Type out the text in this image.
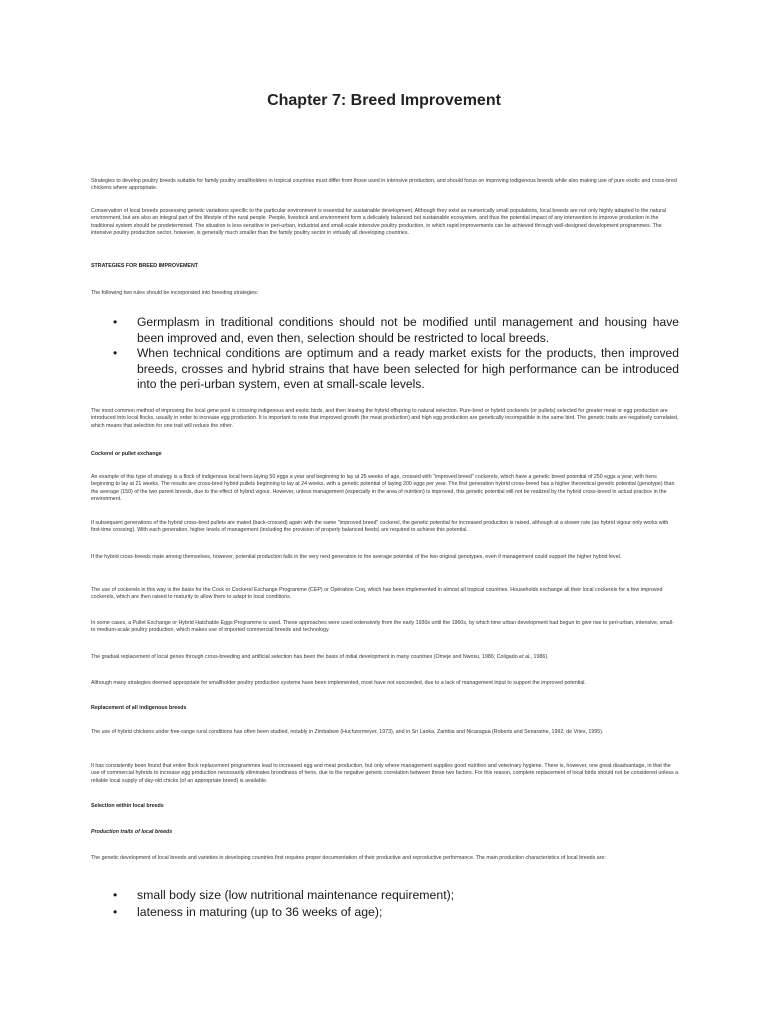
Chapter 7: Breed Improvement

Strategies to develop poultry breeds suitable for family poultry smallholders in tropical countries must differ from those used in intensive production, and should focus on improving indigenous breeds while also making use of pure exotic and cross-bred chickens where appropriate.

Conservation of local breeds possessing genetic variations specific to the particular environment is essential for sustainable development. Although they exist as numerically small populations, local breeds are not only highly adapted to the natural environment, but are also an integral part of the lifestyle of the rural people. People, livestock and environment form a delicately balanced but sustainable ecosystem, and thus the potential impact of any intervention to improve production in the traditional system should be predetermined. The situation is less sensitive in peri-urban, industrial and small-scale intensive poultry production, in which rapid improvements can be achieved through well-designed development programmes. The intensive poultry production sector, however, is generally much smaller than the family poultry sector in virtually all developing countries.

STRATEGIES FOR BREED IMPROVEMENT

The following two rules should be incorporated into breeding strategies:

• Germplasm in traditional conditions should not be modified until management and housing have been improved and, even then, selection should be restricted to local breeds.
• When technical conditions are optimum and a ready market exists for the products, then improved breeds, crosses and hybrid strains that have been selected for high performance can be introduced into the peri-urban system, even at small-scale levels.

The most common method of improving the local gene pool is crossing indigenous and exotic birds, and then leaving the hybrid offspring to natural selection. Pure-bred or hybrid cockerels (or pullets) selected for greater meat or egg production are introduced into local flocks, usually in order to increase egg production. It is important to note that improved growth (for meat production) and high egg production are genetically incompatible in the same bird. The genetic traits are negatively correlated, which means that selection for one trait will reduce the other.

Cockerel or pullet exchange

An example of this type of strategy is a flock of indigenous local hens laying 50 eggs a year and beginning to lay at 25 weeks of age, crossed with "improved breed" cockerels, which have a genetic breed potential of 250 eggs a year, with hens beginning to lay at 21 weeks. The results are cross-bred hybrid pullets beginning to lay at 24 weeks, with a genetic potential of laying 200 eggs per year. The first generation hybrid cross-breed has a higher theoretical genetic potential (genotype) than the average (150) of the two parent breeds, due to the effect of hybrid vigour. However, unless management (especially in the area of nutrition) is improved, this genetic potential will not be realized by the hybrid cross-breed in actual practice in the environment.

If subsequent generations of the hybrid cross-bred pullets are mated (back-crossed) again with the same "improved breed" cockerel, the genetic potential for increased production is raised, although at a slower rate (as hybrid vigour only works with first-time crossing). With each generation, higher levels of management (including the provision of properly balanced feeds) are required to achieve this potential.

If the hybrid cross-breeds mate among themselves, however, potential production falls in the very next generation to the average potential of the two original genotypes, even if management could support the higher hybrid level.

The use of cockerels in this way is the basis for the Cock or Cockerel Exchange Programme (CEP) or Opération Coq, which has been implemented in almost all tropical countries. Households exchange all their local cockerels for a few improved cockerels, which are then raised to maturity to allow them to adapt to local conditions.

In some cases, a Pullet Exchange or Hybrid Hatchable Eggs Programme is used. These approaches were used extensively from the early 1930s until the 1960s, by which time urban development had begun to give rise to peri-urban, intensive, small- to medium-scale poultry production, which makes use of imported commercial breeds and technology.

The gradual replacement of local genes through cross-breeding and artificial selection has been the basis of initial development in many countries (Omeje and Nwosu, 1986; Coligado et al., 1986).

Although many strategies deemed appropriate for smallholder poultry production systems have been implemented, most have not succeeded, due to a lack of management input to support the improved potential.

Replacement of all indigenous breeds

The use of hybrid chickens under free-range rural conditions has often been studied, notably in Zimbabwe (Huchzermeyer, 1973), and in Sri Lanka, Zambia and Nicaragua (Roberts and Senaratne, 1992; de Vries, 1995).

It has consistently been found that entire flock replacement programmes lead to increased egg and meat production, but only where management supplies good nutrition and veterinary hygiene. There is, however, one great disadvantage, in that the use of commercial hybrids to increase egg production necessarily eliminates broodiness of hens, due to the negative genetic correlation between these two factors. For this reason, complete replacement of local birds should not be considered unless a reliable local supply of day-old chicks (of an appropriate breed) is available.

Selection within local breeds

Production traits of local breeds

The genetic development of local breeds and varieties in developing countries first requires proper documentation of their productive and reproductive performance. The main production characteristics of local breeds are:

• small body size (low nutritional maintenance requirement);
• lateness in maturing (up to 36 weeks of age);
